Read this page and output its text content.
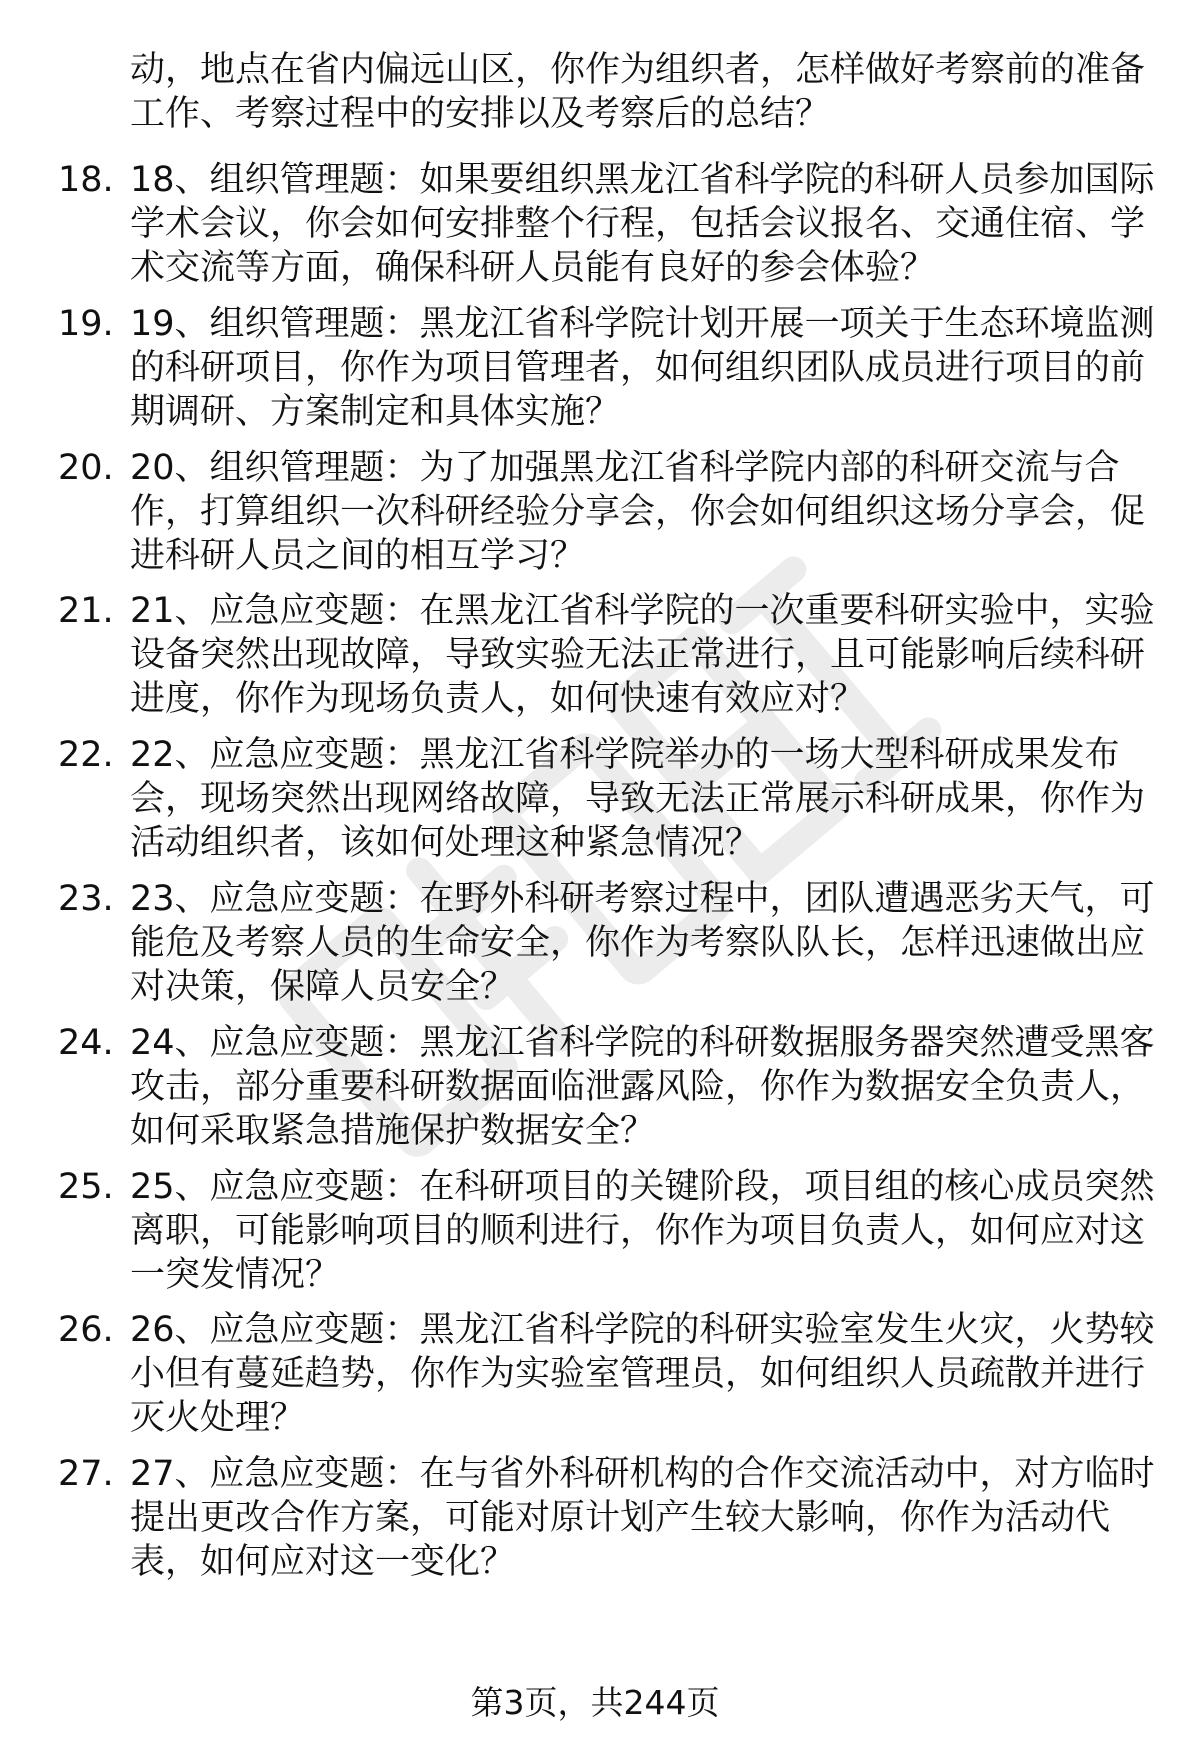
动，地点在省内偏远山区，你作为组织者，怎样做好考察前的准备工作、考察过程中的安排以及考察后的总结？
18. 18、组织管理题：如果要组织黑龙江省科学院的科研人员参加国际学术会议，你会如何安排整个行程，包括会议报名、交通住宿、学术交流等方面，确保科研人员能有良好的参会体验？
19. 19、组织管理题：黑龙江省科学院计划开展一项关于生态环境监测的科研项目，你作为项目管理者，如何组织团队成员进行项目的前期调研、方案制定和具体实施？
20. 20、组织管理题：为了加强黑龙江省科学院内部的科研交流与合作，打算组织一次科研经验分享会，你会如何组织这场分享会，促进科研人员之间的相互学习？
21. 21、应急应变题：在黑龙江省科学院的一次重要科研实验中，实验设备突然出现故障，导致实验无法正常进行，且可能影响后续科研进度，你作为现场负责人，如何快速有效应对？
22. 22、应急应变题：黑龙江省科学院举办的一场大型科研成果发布会，现场突然出现网络故障，导致无法正常展示科研成果，你作为活动组织者，该如何处理这种紧急情况？
23. 23、应急应变题：在野外科研考察过程中，团队遭遇恶劣天气，可能危及考察人员的生命安全，你作为考察队队长，怎样迅速做出应对决策，保障人员安全？
24. 24、应急应变题：黑龙江省科学院的科研数据服务器突然遭受黑客攻击，部分重要科研数据面临泄露风险，你作为数据安全负责人，如何采取紧急措施保护数据安全？
25. 25、应急应变题：在科研项目的关键阶段，项目组的核心成员突然离职，可能影响项目的顺利进行，你作为项目负责人，如何应对这一突发情况？
26. 26、应急应变题：黑龙江省科学院的科研实验室发生火灾，火势较小但有蔓延趋势，你作为实验室管理员，如何组织人员疏散并进行灭火处理？
27. 27、应急应变题：在与省外科研机构的合作交流活动中，对方临时提出更改合作方案，可能对原计划产生较大影响，你作为活动代表，如何应对这一变化？
第3页，共244页
